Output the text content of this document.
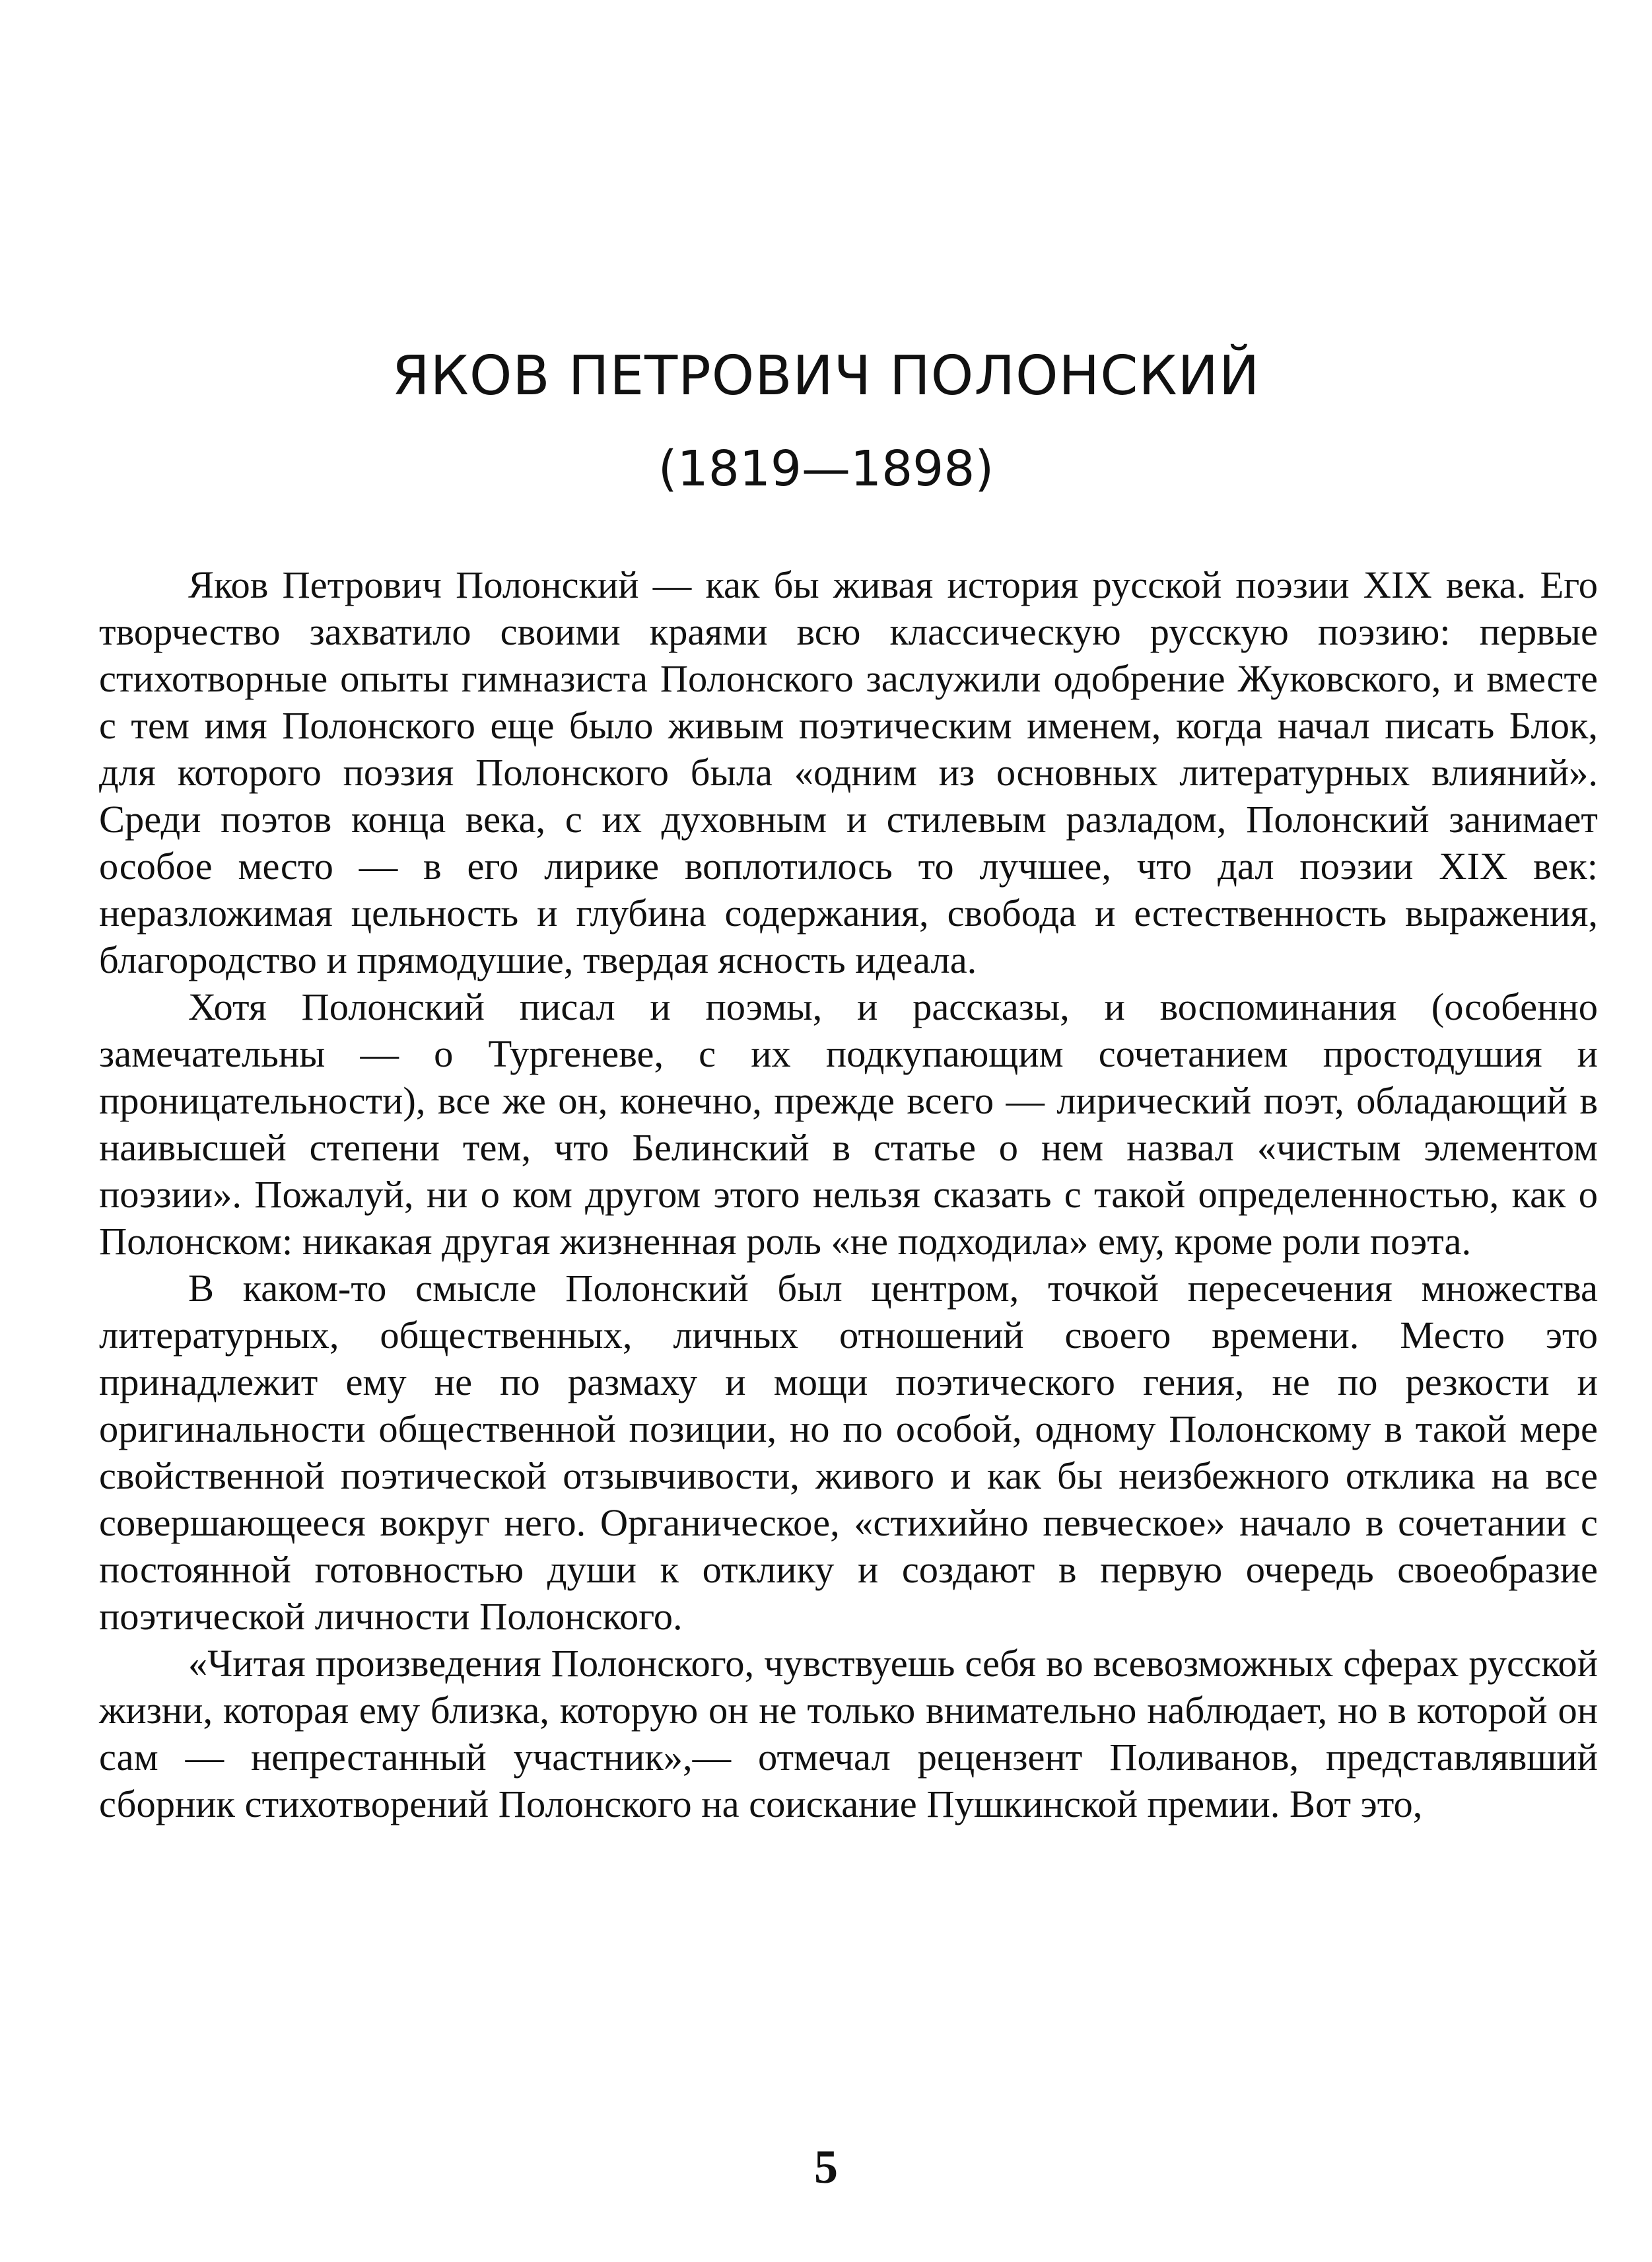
ЯКОВ ПЕТРОВИЧ ПОЛОНСКИЙ
(1819—1898)

Яков Петрович Полонский — как бы живая история русской поэзии XIX века. Его творчество захватило своими краями всю классическую русскую поэзию: первые стихотворные опыты гимназиста Полонского заслужили одобрение Жуковского, и вместе с тем имя Полонского еще было живым поэтическим именем, когда начал писать Блок, для которого поэзия Полонского была «одним из основных литературных влияний». Среди поэтов конца века, с их духовным и стилевым разладом, Полонский занимает особое место — в его лирике воплотилось то лучшее, что дал поэзии XIX век: неразложимая цельность и глубина содержания, свобода и естественность выражения, благородство и прямодушие, твердая ясность идеала.

Хотя Полонский писал и поэмы, и рассказы, и воспоминания (особенно замечательны — о Тургеневе, с их подкупающим сочетанием простодушия и проницательности), все же он, конечно, прежде всего — лирический поэт, обладающий в наивысшей степени тем, что Белинский в статье о нем назвал «чистым элементом поэзии». Пожалуй, ни о ком другом этого нельзя сказать с такой определенностью, как о Полонском: никакая другая жизненная роль «не подходила» ему, кроме роли поэта.

В каком-то смысле Полонский был центром, точкой пересечения множества литературных, общественных, личных отношений своего времени. Место это принадлежит ему не по размаху и мощи поэтического гения, не по резкости и оригинальности общественной позиции, но по особой, одному Полонскому в такой мере свойственной поэтической отзывчивости, живого и как бы неизбежного отклика на все совершающееся вокруг него. Органическое, «стихийно певческое» начало в сочетании с постоянной готовностью души к отклику и создают в первую очередь своеобразие поэтической личности Полонского.

«Читая произведения Полонского, чувствуешь себя во всевозможных сферах русской жизни, которая ему близка, которую он не только внимательно наблюдает, но в которой он сам — непрестанный участник»,— отмечал рецензент Поливанов, представлявший сборник стихотворений Полонского на соискание Пушкинской премии. Вот это,

5
